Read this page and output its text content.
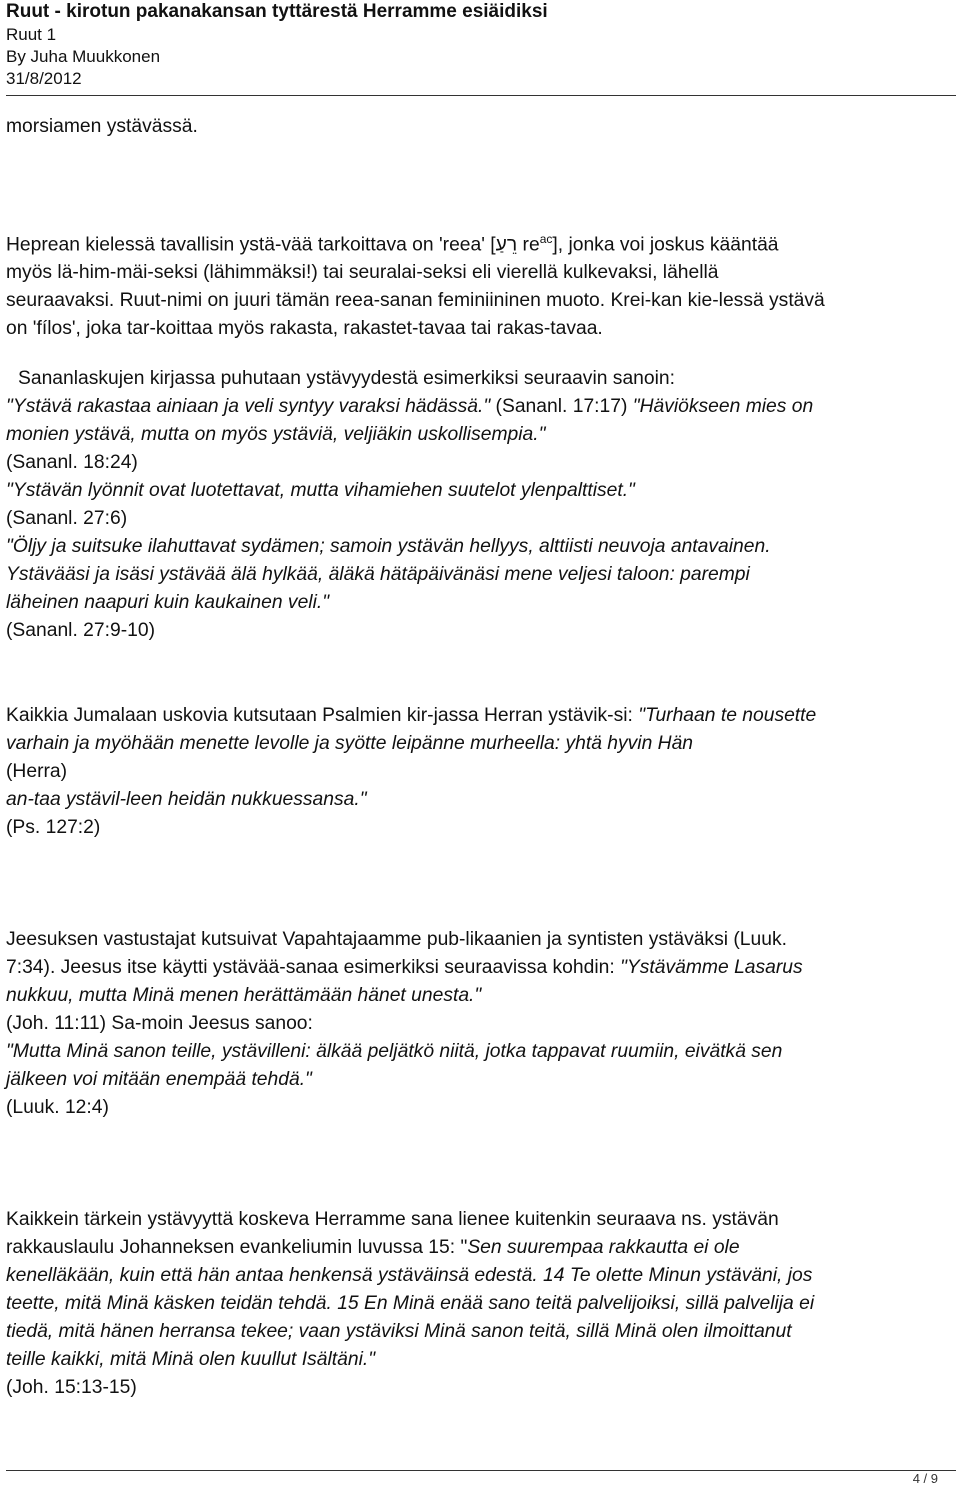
Ruut - kirotun pakanakansan tyttärestä Herramme esiäidiksi
Ruut 1
By Juha Muukkonen
31/8/2012

morsiamen ystävässä.

Heprean kielessä tavallisin ystä-vää tarkoittava on 'reea' [רֵעַ $re^{ac}$], jonka voi joskus kääntää

myös lä-him-mäi-seksi (lähimmäksi!) tai seuralai-seksi eli vierellä kulkevaksi, lähellä

seuraavaksi. Ruut-nimi on juuri tämän reea-sanan feminiininen muoto. Krei-kan kie-lessä ystävä

on 'fílos', joka tar-koittaa myös rakasta, rakastet-tavaa tai rakas-tavaa.

Sananlaskujen kirjassa puhutaan ystävyydestä esimerkiksi seuraavin sanoin:

"Ystävä rakastaa ainiaan ja veli syntyy varaksi hädässä." (Sananl. 17:17) "Häviökseen mies on

monien ystävä, mutta on myös ystäviä, veljiäkin uskollisempia."

(Sananl. 18:24)

"Ystävän lyönnit ovat luotettavat, mutta vihamiehen suutelot ylenpalttiset."

(Sananl. 27:6)

"Öljy ja suitsuke ilahuttavat sydämen; samoin ystävän hellyys, alttiisti neuvoja antavainen.

Ystävääsi ja isäsi ystävää älä hylkää, äläkä hätäpäivänäsi mene veljesi taloon: parempi

läheinen naapuri kuin kaukainen veli."

(Sananl. 27:9-10)

Kaikkia Jumalaan uskovia kutsutaan Psalmien kir-jassa Herran ystävik-si: "Turhaan te nousette

varhain ja myöhään menette levolle ja syötte leipänne murheella: yhtä hyvin Hän

(Herra)

an-taa ystävil-leen heidän nukkuessansa."

(Ps. 127:2)

Jeesuksen vastustajat kutsuivat Vapahtajaamme pub-likaanien ja syntisten ystäväksi (Luuk.

7:34). Jeesus itse käytti ystävää-sanaa esimerkiksi seuraavissa kohdin: "Ystävämme Lasarus

nukkuu, mutta Minä menen herättämään hänet unesta."

(Joh. 11:11) Sa-moin Jeesus sanoo:

"Mutta Minä sanon teille, ystävilleni: älkää peljätkö niitä, jotka tappavat ruumiin, eivätkä sen

jälkeen voi mitään enempää tehdä."

(Luuk. 12:4)

Kaikkein tärkein ystävyyttä koskeva Herramme sana lienee kuitenkin seuraava ns. ystävän

rakkauslaulu Johanneksen evankeliumin luvussa 15: "Sen suurempaa rakkautta ei ole

kenelläkään, kuin että hän antaa henkensä ystäväinsä edestä. 14 Te olette Minun ystäväni, jos

teette, mitä Minä käsken teidän tehdä. 15 En Minä enää sano teitä palvelijoiksi, sillä palvelija ei

tiedä, mitä hänen herransa tekee; vaan ystäviksi Minä sanon teitä, sillä Minä olen ilmoittanut

teille kaikki, mitä Minä olen kuullut Isältäni."

(Joh. 15:13-15)

4 / 9
